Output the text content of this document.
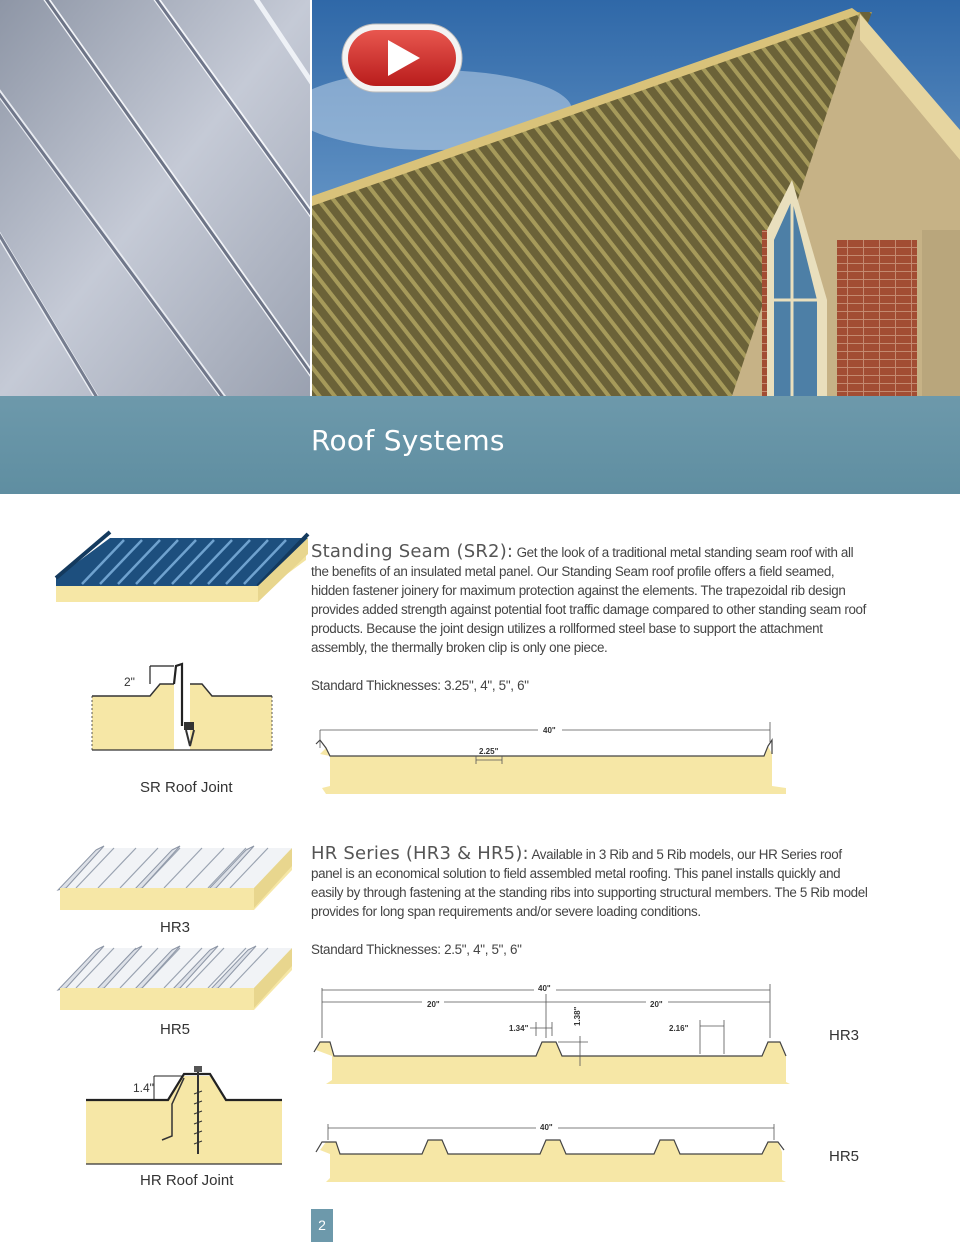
Roof Systems
2"
SR Roof Joint

Standing Seam (SR2): Get the look of a traditional metal standing seam roof with all the benefits of an insulated metal panel. Our Standing Seam roof profile offers a field seamed, hidden fastener joinery for maximum protection against the elements. The trapezoidal rib design provides added strength against potential foot traffic damage compared to other standing seam roof products. Because the joint design utilizes a rollformed steel base to support the attachment assembly, the thermally broken clip is only one piece.

Standard Thicknesses: 3.25", 4", 5", 6"
40"
2.25"
HR3
HR5
1.4"
HR Roof Joint

HR Series (HR3 & HR5): Available in 3 Rib and 5 Rib models, our HR Series roof panel is an economical solution to field assembled metal roofing. This panel installs quickly and easily by through fastening at the standing ribs into supporting structural members. The 5 Rib model provides for long span requirements and/or severe loading conditions.

Standard Thicknesses: 2.5", 4", 5", 6"
40"
20"	20"
1.34"
1.38"
2.16"	HR3
40"
HR5
2
